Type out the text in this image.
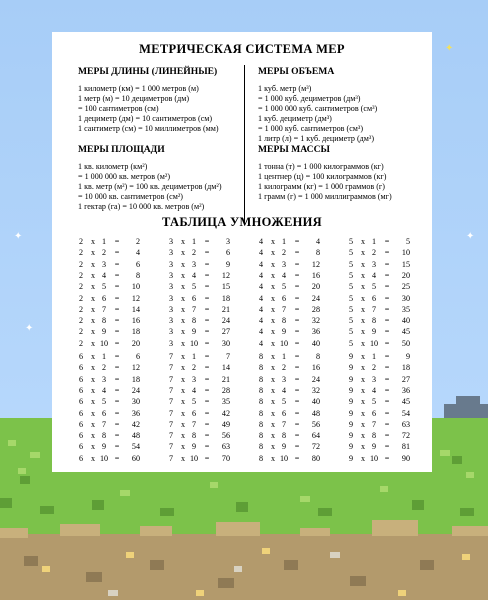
✦
✦
✦
✦
МЕТРИЧЕСКАЯ СИСТЕМА МЕР
МЕРЫ ДЛИНЫ (ЛИНЕЙНЫЕ)
1 километр (км) = 1 000 метров (м)
1 метр (м) = 10 дециметров (дм)
= 100 сантиметров (см)
1 дециметр (дм) = 10 сантиметров (см)
1 сантиметр (см) = 10 миллиметров (мм)
МЕРЫ ОБЪЕМА
1 куб. метр (м³)
= 1 000 куб. дециметров (дм³)
= 1 000 000 куб. сантиметров (см³)
1 куб. дециметр (дм³)
= 1 000 куб. сантиметров (см³)
1 литр (л) = 1 куб. дециметр (дм³)
МЕРЫ ПЛОЩАДИ
1 кв. километр (км²)
= 1 000 000 кв. метров (м²)
1 кв. метр (м²) = 100 кв. дециметров (дм²)
= 10 000 кв. сантиметров (см²)
1 гектар (га) = 10 000 кв. метров (м²)
МЕРЫ МАССЫ
1 тонна (т) = 1 000 килограммов (кг)
1 центнер (ц) = 100 килограммов (кг)
1 килограмм (кг) = 1 000 граммов (г)
1 грамм (г) = 1 000 миллиграммов (мг)
ТАБЛИЦА УМНОЖЕНИЯ
2 x 1	=	2
2 x 2	=	4
2 x 3	=	6
2 x 4	=	8
2 x 5	=	10
2 x 6	=	12
2 x 7	=	14
2 x 8	=	16
2 x 9	=	18
2 x 10 =	20
3 x 1	=	3
3 x 2	=	6
3 x 3	=	9
3 x 4	=	12
3 x 5	=	15
3 x 6	=	18
3 x 7	=	21
3 x 8	=	24
3 x 9	=	27
3 x 10 =	30
4 x 1	=	4
4 x 2	=	8
4 x 3	=	12
4 x 4	=	16
4 x 5	=	20
4 x 6	=	24
4 x 7	=	28
4 x 8	=	32
4 x 9	=	36
4 x 10 =	40
5 x 1	=	5
5 x 2	=	10
5 x 3	=	15
5 x 4	=	20
5 x 5	=	25
5 x 6	=	30
5 x 7	=	35
5 x 8	=	40
5 x 9	=	45
5 x 10 =	50
6 x 1	=	6
6 x 2	=	12
6 x 3	=	18
6 x 4	=	24
6 x 5	=	30
6 x 6	=	36
6 x 7	=	42
6 x 8	=	48
6 x 9	=	54
6 x 10 =	60
7 x 1	=	7
7 x 2	=	14
7 x 3	=	21
7 x 4	=	28
7 x 5	=	35
7 x 6	=	42
7 x 7	=	49
7 x 8	=	56
7 x 9	=	63
7 x 10 =	70
8 x 1	=	8
8 x 2	=	16
8 x 3	=	24
8 x 4	=	32
8 x 5	=	40
8 x 6	=	48
8 x 7	=	56
8 x 8	=	64
8 x 9	=	72
8 x 10 =	80
9 x 1	=	9
9 x 2	=	18
9 x 3	=	27
9 x 4	=	36
9 x 5	=	45
9 x 6	=	54
9 x 7	=	63
9 x 8	=	72
9 x 9	=	81
9 x 10 =	90
